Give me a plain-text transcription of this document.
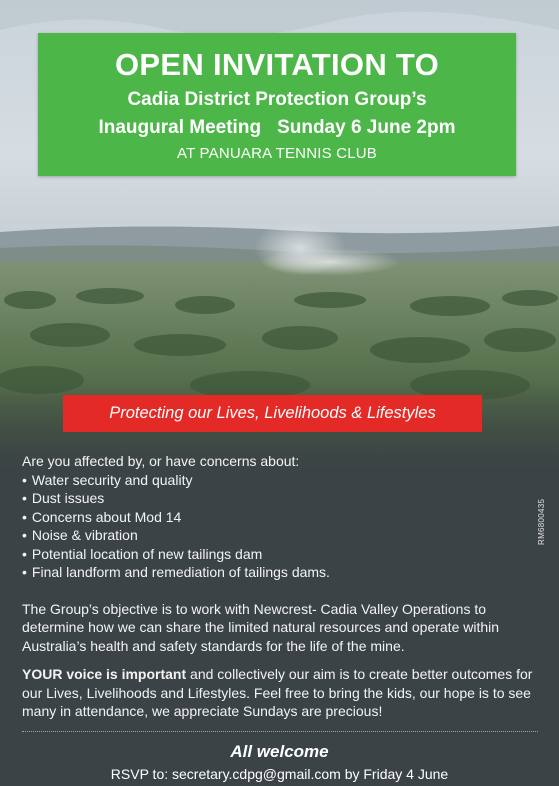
OPEN INVITATION TO
Cadia District Protection Group’s
Inaugural Meeting Sunday 6 June 2pm
AT PANUARA TENNIS CLUB
Protecting our Lives, Livelihoods & Lifestyles
Are you affected by, or have concerns about:
• Water security and quality
• Dust issues
• Concerns about Mod 14
• Noise & vibration
• Potential location of new tailings dam
• Final landform and remediation of tailings dams.
The Group’s objective is to work with Newcrest- Cadia Valley Operations to determine how we can share the limited natural resources and operate within Australia’s health and safety standards for the life of the mine.
YOUR voice is important and collectively our aim is to create better outcomes for our Lives, Livelihoods and Lifestyles. Feel free to bring the kids, our hope is to see many in attendance, we appreciate Sundays are precious!
RM6800435
All welcome
RSVP to: secretary.cdpg@gmail.com by Friday 4 June
